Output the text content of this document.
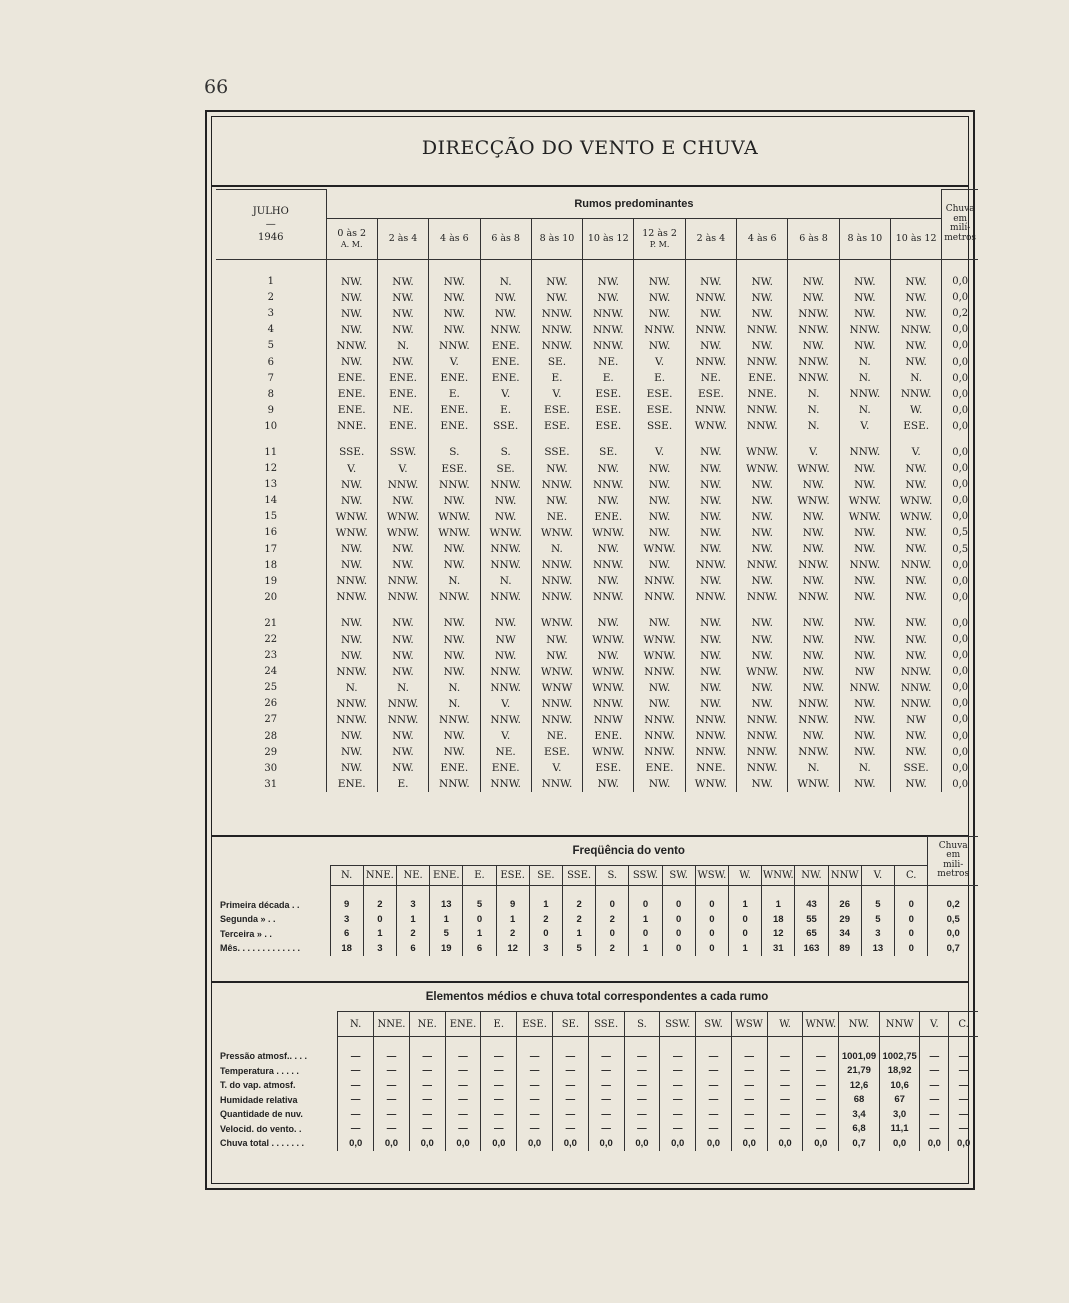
66
DIRECÇÃO DO VENTO E CHUVA
JULHO
—
1946	Rumos predominantes												Chuva
em
milí-
metros
	0 às 2
A. M.	2 às 4	4 às 6	6 às 8	8 às 10	10 às 12	12 às 2
P. M.	2 às 4	4 às 6	6 às 8	8 às 10	10 às 12	

1	NW.	NW.	NW.	N.	NW.	NW.	NW.	NW.	NW.	NW.	NW.	NW.	0,0
2	NW.	NW.	NW.	NW.	NW.	NW.	NW.	NNW.	NW.	NW.	NW.	NW.	0,0
3	NW.	NW.	NW.	NW.	NNW.	NNW.	NW.	NW.	NW.	NNW.	NW.	NW.	0,2
4	NW.	NW.	NW.	NNW.	NNW.	NNW.	NNW.	NNW.	NNW.	NNW.	NNW.	NNW.	0,0
5	NNW.	N.	NNW.	ENE.	NNW.	NNW.	NW.	NW.	NW.	NW.	NW.	NW.	0,0
6	NW.	NW.	V.	ENE.	SE.	NE.	V.	NNW.	NNW.	NNW.	N.	NW.	0,0
7	ENE.	ENE.	ENE.	ENE.	E.	E.	E.	NE.	ENE.	NNW.	N.	N.	0,0
8	ENE.	ENE.	E.	V.	V.	ESE.	ESE.	ESE.	NNE.	N.	NNW.	NNW.	0,0
9	ENE.	NE.	ENE.	E.	ESE.	ESE.	ESE.	NNW.	NNW.	N.	N.	W.	0,0
10	NNE.	ENE.	ENE.	SSE.	ESE.	ESE.	SSE.	WNW.	NNW.	N.	V.	ESE.	0,0

11	SSE.	SSW.	S.	S.	SSE.	SE.	V.	NW.	WNW.	V.	NNW.	V.	0,0
12	V.	V.	ESE.	SE.	NW.	NW.	NW.	NW.	WNW.	WNW.	NW.	NW.	0,0
13	NW.	NNW.	NNW.	NNW.	NNW.	NNW.	NW.	NW.	NW.	NW.	NW.	NW.	0,0
14	NW.	NW.	NW.	NW.	NW.	NW.	NW.	NW.	NW.	WNW.	WNW.	WNW.	0,0
15	WNW.	WNW.	WNW.	NW.	NE.	ENE.	NW.	NW.	NW.	NW.	WNW.	WNW.	0,0
16	WNW.	WNW.	WNW.	WNW.	WNW.	WNW.	NW.	NW.	NW.	NW.	NW.	NW.	0,5
17	NW.	NW.	NW.	NNW.	N.	NW.	WNW.	NW.	NW.	NW.	NW.	NW.	0,5
18	NW.	NW.	NW.	NNW.	NNW.	NNW.	NW.	NNW.	NNW.	NNW.	NNW.	NNW.	0,0
19	NNW.	NNW.	N.	N.	NNW.	NW.	NNW.	NW.	NW.	NW.	NW.	NW.	0,0
20	NNW.	NNW.	NNW.	NNW.	NNW.	NNW.	NNW.	NNW.	NNW.	NNW.	NW.	NW.	0,0

21	NW.	NW.	NW.	NW.	WNW.	NW.	NW.	NW.	NW.	NW.	NW.	NW.	0,0
22	NW.	NW.	NW.	NW	NW.	WNW.	WNW.	NW.	NW.	NW.	NW.	NW.	0,0
23	NW.	NW.	NW.	NW.	NW.	NW.	WNW.	NW.	NW.	NW.	NW.	NW.	0,0
24	NNW.	NW.	NW.	NNW.	WNW.	WNW.	NNW.	NW.	WNW.	NW.	NW	NNW.	0,0
25	N.	N.	N.	NNW.	WNW	WNW.	NW.	NW.	NW.	NW.	NNW.	NNW.	0,0
26	NNW.	NNW.	N.	V.	NNW.	NNW.	NW.	NW.	NW.	NNW.	NW.	NNW.	0,0
27	NNW.	NNW.	NNW.	NNW.	NNW.	NNW	NNW.	NNW.	NNW.	NNW.	NW.	NW	0,0
28	NW.	NW.	NW.	V.	NE.	ENE.	NNW.	NNW.	NNW.	NW.	NW.	NW.	0,0
29	NW.	NW.	NW.	NE.	ESE.	WNW.	NNW.	NNW.	NNW.	NNW.	NW.	NW.	0,0
30	NW.	NW.	ENE.	ENE.	V.	ESE.	ENE.	NNE.	NNW.	N.	N.	SSE.	0,0
31	ENE.	E.	NNW.	NNW.	NNW.	NW.	NW.	WNW.	NW.	WNW.	NW.	NW.	0,0
	Freqüência do vento																		Chuva
em
mili-
metros
	N.	NNE.	NE.	ENE.	E.	ESE.	SE.	SSE.	S.	SSW.	SW.	WSW.	W.	WNW.	NW.	NNW	V.	C.	

Primeira década . .	9	2	3	13	5	9	1	2	0	0	0	0	1	1	43	26	5	0	0,2
Segunda » . .	3	0	1	1	0	1	2	2	2	1	0	0	0	18	55	29	5	0	0,5
Terceira » . .	6	1	2	5	1	2	0	1	0	0	0	0	0	12	65	34	3	0	0,0
Mês. . . . . . . . . . . . .	18	3	6	19	6	12	3	5	2	1	0	0	1	31	163	89	13	0	0,7
Elementos médios e chuva total correspondentes a cada rumo																		
	N.	NNE.	NE.	ENE.	E.	ESE.	SE.	SSE.	S.	SSW.	SW.	WSW	W.	WNW.	NW.	NNW	V.	C.

Pressão atmosf.. . . .	—	—	—	—	—	—	—	—	—	—	—	—	—	—	1001,09	1002,75	—	—
Temperatura . . . . .	—	—	—	—	—	—	—	—	—	—	—	—	—	—	21,79	18,92	—	—
T. do vap. atmosf.	—	—	—	—	—	—	—	—	—	—	—	—	—	—	12,6	10,6	—	—
Humidade relativa	—	—	—	—	—	—	—	—	—	—	—	—	—	—	68	67	—	—
Quantidade de nuv.	—	—	—	—	—	—	—	—	—	—	—	—	—	—	3,4	3,0	—	—
Velocid. do vento. .	—	—	—	—	—	—	—	—	—	—	—	—	—	—	6,8	11,1	—	—
Chuva total . . . . . . .	0,0	0,0	0,0	0,0	0,0	0,0	0,0	0,0	0,0	0,0	0,0	0,0	0,0	0,0	0,7	0,0	0,0	0,0
